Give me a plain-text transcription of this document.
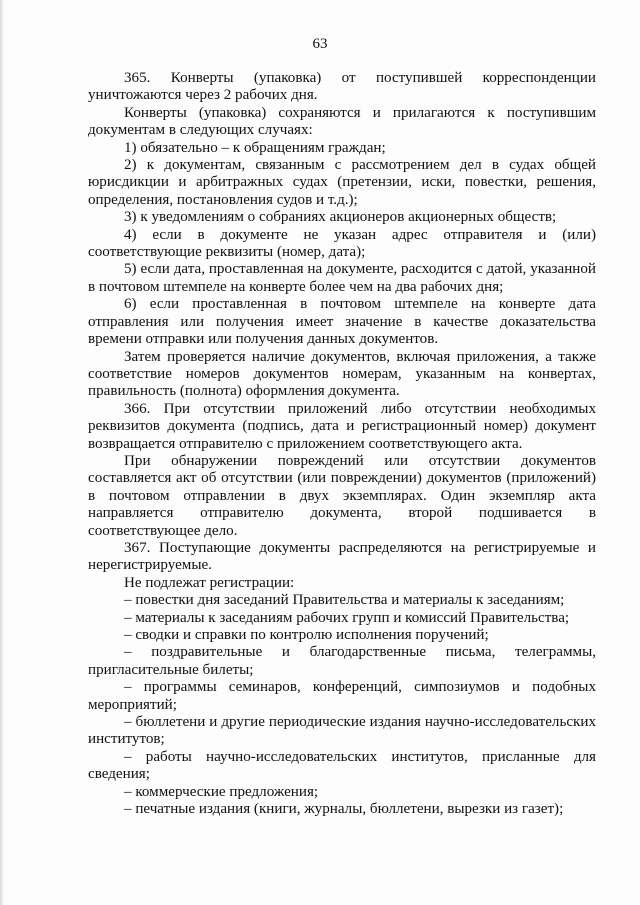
63

365. Конверты (упаковка) от поступившей корреспонденции уничтожаются через 2 рабочих дня.

Конверты (упаковка) сохраняются и прилагаются к поступившим документам в следующих случаях:

1) обязательно – к обращениям граждан;

2) к документам, связанным с рассмотрением дел в судах общей юрисдикции и арбитражных судах (претензии, иски, повестки, решения, определения, постановления судов и т.д.);

3) к уведомлениям о собраниях акционеров акционерных обществ;

4) если в документе не указан адрес отправителя и (или) соответствующие реквизиты (номер, дата);

5) если дата, проставленная на документе, расходится с датой, указанной в почтовом штемпеле на конверте более чем на два рабочих дня;

6) если проставленная в почтовом штемпеле на конверте дата отправления или получения имеет значение в качестве доказательства времени отправки или получения данных документов.

Затем проверяется наличие документов, включая приложения, а также соответствие номеров документов номерам, указанным на конвертах, правильность (полнота) оформления документа.

366. При отсутствии приложений либо отсутствии необходимых реквизитов документа (подпись, дата и регистрационный номер) документ возвращается отправителю с приложением соответствующего акта.

При обнаружении повреждений или отсутствии документов составляется акт об отсутствии (или повреждении) документов (приложений) в почтовом отправлении в двух экземплярах. Один экземпляр акта направляется отправителю документа, второй подшивается в соответствующее дело.

367. Поступающие документы распределяются на регистрируемые и нерегистрируемые.

Не подлежат регистрации:

– повестки дня заседаний Правительства и материалы к заседаниям;

– материалы к заседаниям рабочих групп и комиссий Правительства;

– сводки и справки по контролю исполнения поручений;

– поздравительные и благодарственные письма, телеграммы, пригласительные билеты;

– программы семинаров, конференций, симпозиумов и подобных мероприятий;

– бюллетени и другие периодические издания научно-исследовательских институтов;

– работы научно-исследовательских институтов, присланные для сведения;

– коммерческие предложения;

– печатные издания (книги, журналы, бюллетени, вырезки из газет);
